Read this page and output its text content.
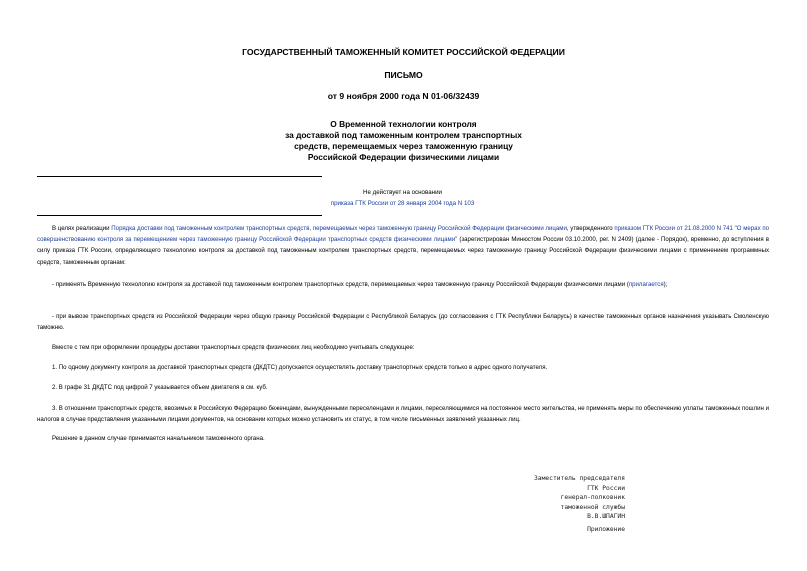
ГОСУДАРСТВЕННЫЙ ТАМОЖЕННЫЙ КОМИТЕТ РОССИЙСКОЙ ФЕДЕРАЦИИ
ПИСЬМО
от 9 ноября 2000 года N 01-06/32439
О Временной технологии контроля
за доставкой под таможенным контролем транспортных
средств, перемещаемых через таможенную границу
Российской Федерации физическими лицами
Не действует на основании
приказа ГТК России от 28 января 2004 года N 103

В целях реализации Порядка доставки под таможенным контролем транспортных средств, перемещаемых через таможенную границу Российской Федерации физическими лицами, утвержденного приказом ГТК России от 21.08.2000 N 741 "О мерах по совершенствованию контроля за перемещением через таможенную границу Российской Федерации транспортных средств физическими лицами" (зарегистрирован Минюстом России 03.10.2000, рег. N 2409) (далее - Порядок), временно, до вступления в силу приказа ГТК России, определяющего технологию контроля за доставкой под таможенным контролем транспортных средств, перемещаемых через таможенную границу Российской Федерации физическими лицами с применением программных средств, таможенным органам:

- применять Временную технологию контроля за доставкой под таможенным контролем транспортных средств, перемещаемых через таможенную границу Российской Федерации физическими лицами (прилагается);

- при вывозе транспортных средств из Российской Федерации через общую границу Российской Федерации с Республикой Беларусь (до согласования с ГТК Республики Беларусь) в качестве таможенных органов назначения указывать Смоленскую таможню.

Вместе с тем при оформлении процедуры доставки транспортных средств физических лиц необходимо учитывать следующее:

1. По одному документу контроля за доставкой транспортных средств (ДКДТС) допускается осуществлять доставку транспортных средств только в адрес одного получателя.

2. В графе 31 ДКДТС под цифрой 7 указывается объем двигателя в см. куб.

3. В отношении транспортных средств, ввозимых в Российскую Федерацию беженцами, вынужденными переселенцами и лицами, переселяющимися на постоянное место жительства, не применять меры по обеспечению уплаты таможенных пошлин и налогов в случае представления указанными лицами документов, на основании которых можно установить их статус, в том числе письменных заявлений указанных лиц.

Решение в данном случае принимается начальником таможенного органа.

Заместитель председателя
ГТК России
генерал-полковник
таможенной службы
В.В.ШПАГИН
Приложение
